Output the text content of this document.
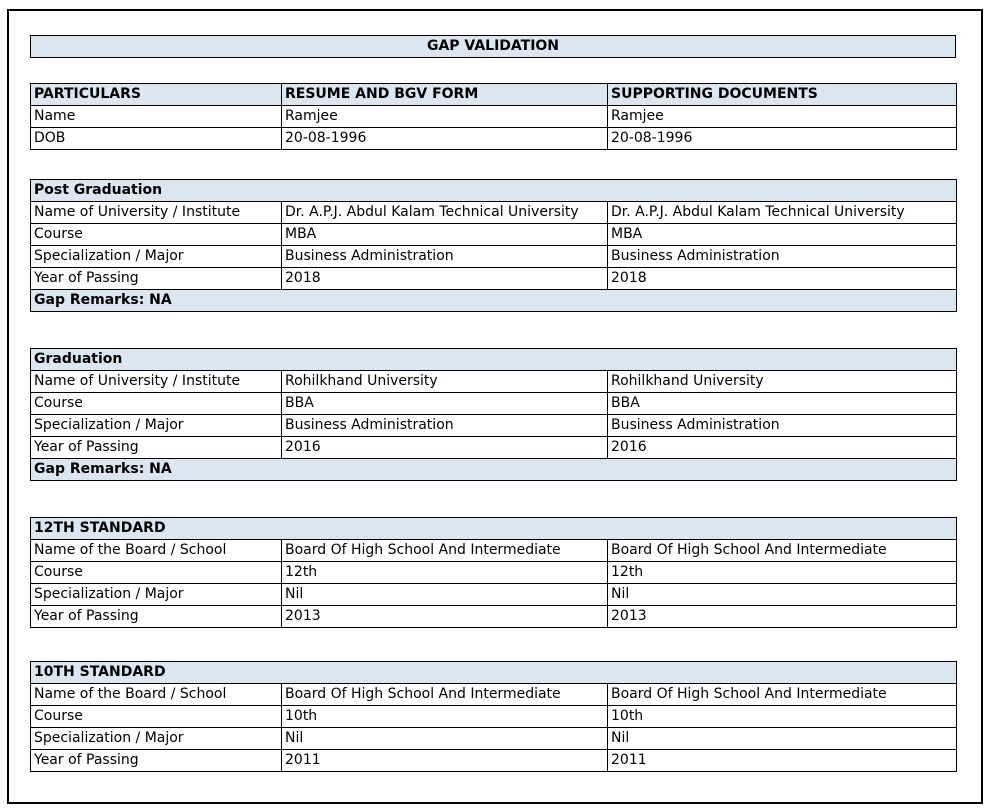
GAP VALIDATION
PARTICULARS	RESUME AND BGV FORM	SUPPORTING DOCUMENTS
Name	Ramjee	Ramjee
DOB	20-08-1996	20-08-1996
Post Graduation		
Name of University / Institute	Dr. A.P.J. Abdul Kalam Technical University	Dr. A.P.J. Abdul Kalam Technical University
Course	MBA	MBA
Specialization / Major	Business Administration	Business Administration
Year of Passing	2018	2018
Gap Remarks: NA		
Graduation		
Name of University / Institute	Rohilkhand University	Rohilkhand University
Course	BBA	BBA
Specialization / Major	Business Administration	Business Administration
Year of Passing	2016	2016
Gap Remarks: NA		
12TH STANDARD		
Name of the Board / School	Board Of High School And Intermediate	Board Of High School And Intermediate
Course	12th	12th
Specialization / Major	Nil	Nil
Year of Passing	2013	2013
10TH STANDARD		
Name of the Board / School	Board Of High School And Intermediate	Board Of High School And Intermediate
Course	10th	10th
Specialization / Major	Nil	Nil
Year of Passing	2011	2011
